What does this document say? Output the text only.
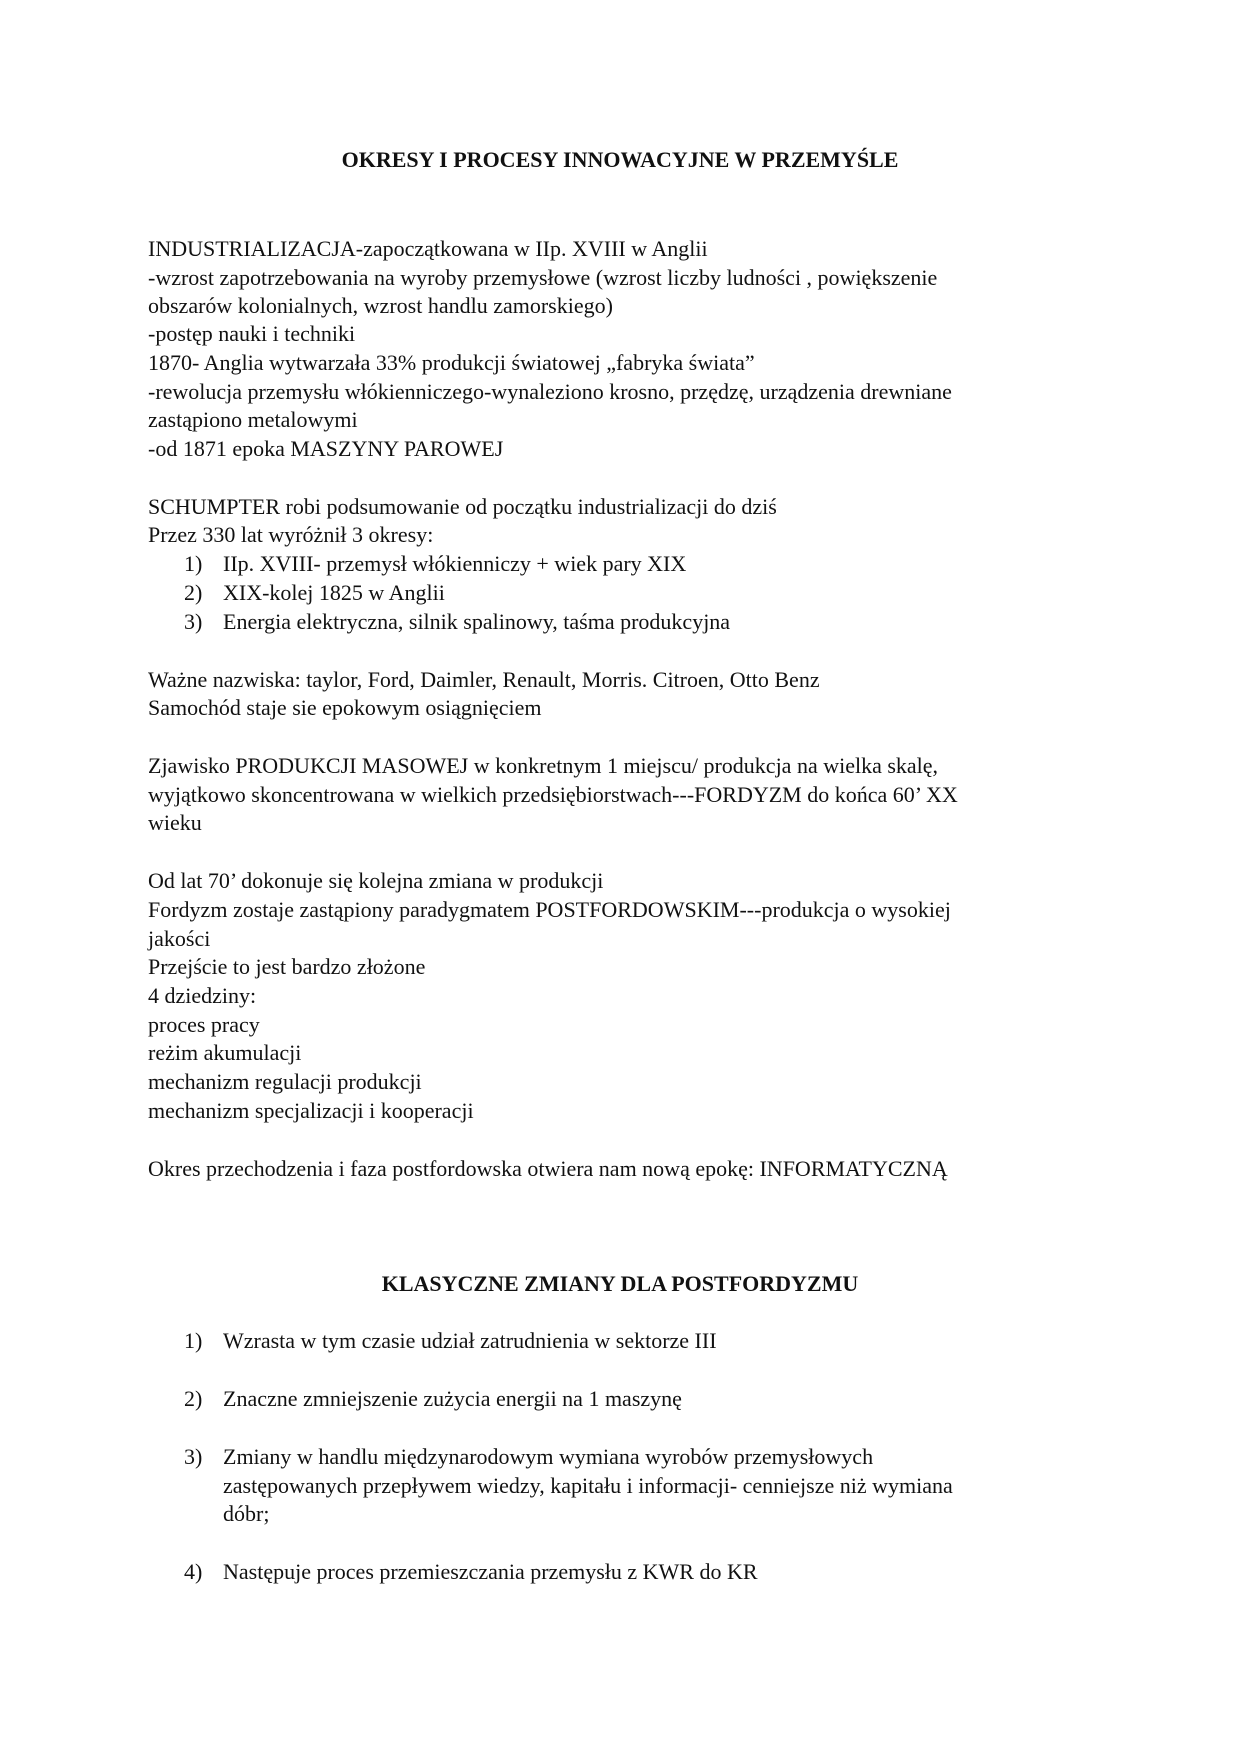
OKRESY I PROCESY INNOWACYJNE W PRZEMYŚLE
INDUSTRIALIZACJA-zapoczątkowana w IIp. XVIII w Anglii
-wzrost zapotrzebowania na wyroby przemysłowe (wzrost liczby ludności , powiększenie
obszarów kolonialnych, wzrost handlu zamorskiego)
-postęp nauki i techniki
1870- Anglia wytwarzała 33% produkcji światowej „fabryka świata”
-rewolucja przemysłu włókienniczego-wynaleziono krosno, przędzę, urządzenia drewniane
zastąpiono metalowymi
-od 1871 epoka MASZYNY PAROWEJ
SCHUMPTER robi podsumowanie od początku industrializacji do dziś
Przez 330 lat wyróżnił 3 okresy:
1) IIp. XVIII- przemysł włókienniczy + wiek pary XIX
2) XIX-kolej 1825 w Anglii
3) Energia elektryczna, silnik spalinowy, taśma produkcyjna
Ważne nazwiska: taylor, Ford, Daimler, Renault, Morris. Citroen, Otto Benz
Samochód staje sie epokowym osiągnięciem
Zjawisko PRODUKCJI MASOWEJ w konkretnym 1 miejscu/ produkcja na wielka skalę,
wyjątkowo skoncentrowana w wielkich przedsiębiorstwach---FORDYZM do końca 60’ XX
wieku
Od lat 70’ dokonuje się kolejna zmiana w produkcji
Fordyzm zostaje zastąpiony paradygmatem POSTFORDOWSKIM---produkcja o wysokiej
jakości
Przejście to jest bardzo złożone
4 dziedziny:
proces pracy
reżim akumulacji
mechanizm regulacji produkcji
mechanizm specjalizacji i kooperacji
Okres przechodzenia i faza postfordowska otwiera nam nową epokę: INFORMATYCZNĄ
KLASYCZNE ZMIANY DLA POSTFORDYZMU
1) Wzrasta w tym czasie udział zatrudnienia w sektorze III
2) Znaczne zmniejszenie zużycia energii na 1 maszynę
3) Zmiany w handlu międzynarodowym wymiana wyrobów przemysłowych
zastępowanych przepływem wiedzy, kapitału i informacji- cenniejsze niż wymiana
dóbr;
4) Następuje proces przemieszczania przemysłu z KWR do KR
